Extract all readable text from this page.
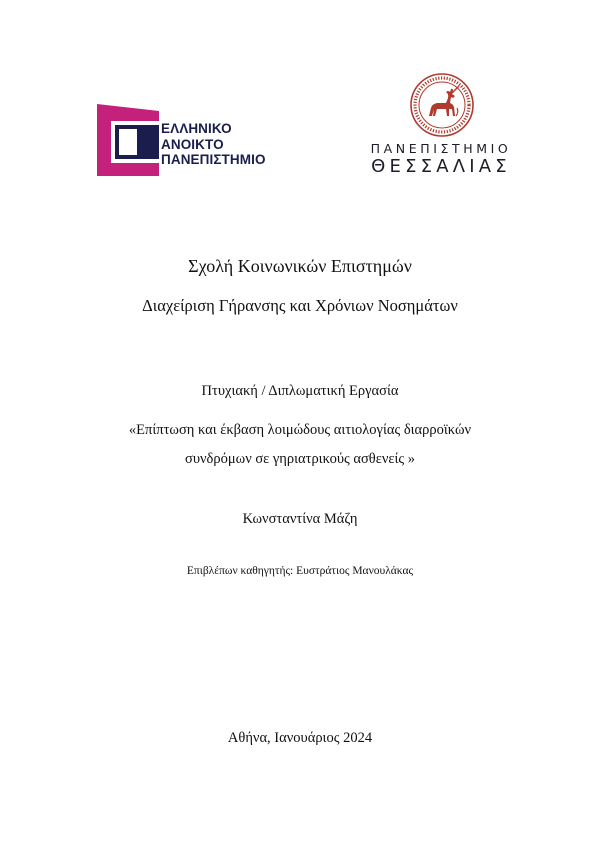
ΕΛΛΗΝΙΚΟ
ΑΝΟΙΚΤΟ
ΠΑΝΕΠΙΣΤΗΜΙΟ
ΠΑΝΕΠΙΣΤΗΜΙΟ
ΘΕΣΣΑΛΙΑΣ
Σχολή Κοινωνικών Επιστημών
Διαχείριση Γήρανσης και Χρόνιων Νοσημάτων
Πτυχιακή / Διπλωματική Εργασία
«Επίπτωση και έκβαση λοιμώδους αιτιολογίας διαρροϊκών
συνδρόμων σε γηριατρικούς ασθενείς »
Κωνσταντίνα Μάζη
Επιβλέπων καθηγητής: Ευστράτιος Μανουλάκας
Αθήνα, Ιανουάριος 2024
